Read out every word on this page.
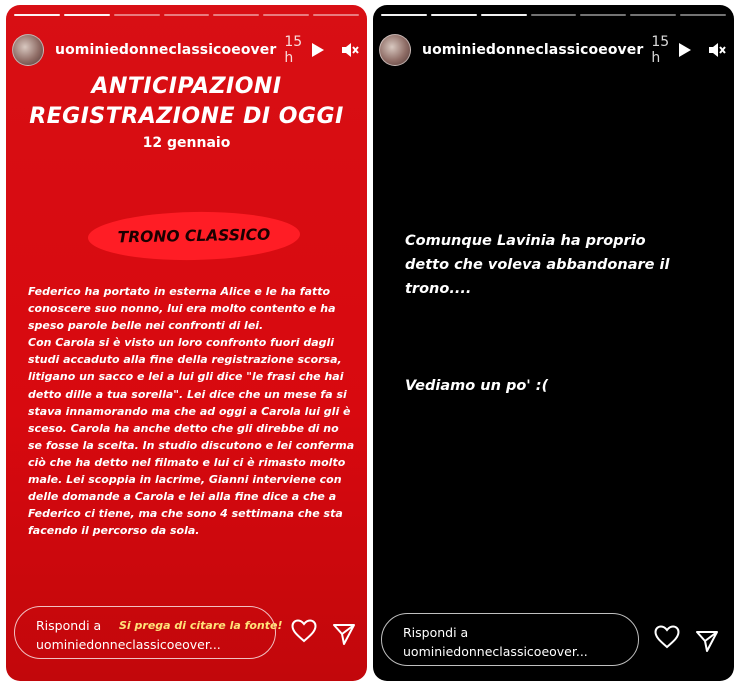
uominiedonneclassicoeover 15 h
ANTICIPAZIONI
REGISTRAZIONE DI OGGI
12 gennaio
TRONO CLASSICO
Federico ha portato in esterna Alice e le ha fatto
conoscere suo nonno, lui era molto contento e ha
speso parole belle nei confronti di lei.
Con Carola si è visto un loro confronto fuori dagli
studi accaduto alla fine della registrazione scorsa,
litigano un sacco e lei a lui gli dice "le frasi che hai
detto dille a tua sorella". Lei dice che un mese fa si
stava innamorando ma che ad oggi a Carola lui gli è
sceso. Carola ha anche detto che gli direbbe di no
se fosse la scelta. In studio discutono e lei conferma
ciò che ha detto nel filmato e lui ci è rimasto molto
male. Lei scoppia in lacrime, Gianni interviene con
delle domande a Carola e lei alla fine dice a che a
Federico ci tiene, ma che sono 4 settimana che sta
facendo il percorso da sola.
Rispondi a
uominiedonneclassicoeover...
Si prega di citare la fonte!
uominiedonneclassicoeover 15 h
Comunque Lavinia ha proprio
detto che voleva abbandonare il
trono....
Vediamo un po' :(
Rispondi a
uominiedonneclassicoeover...
